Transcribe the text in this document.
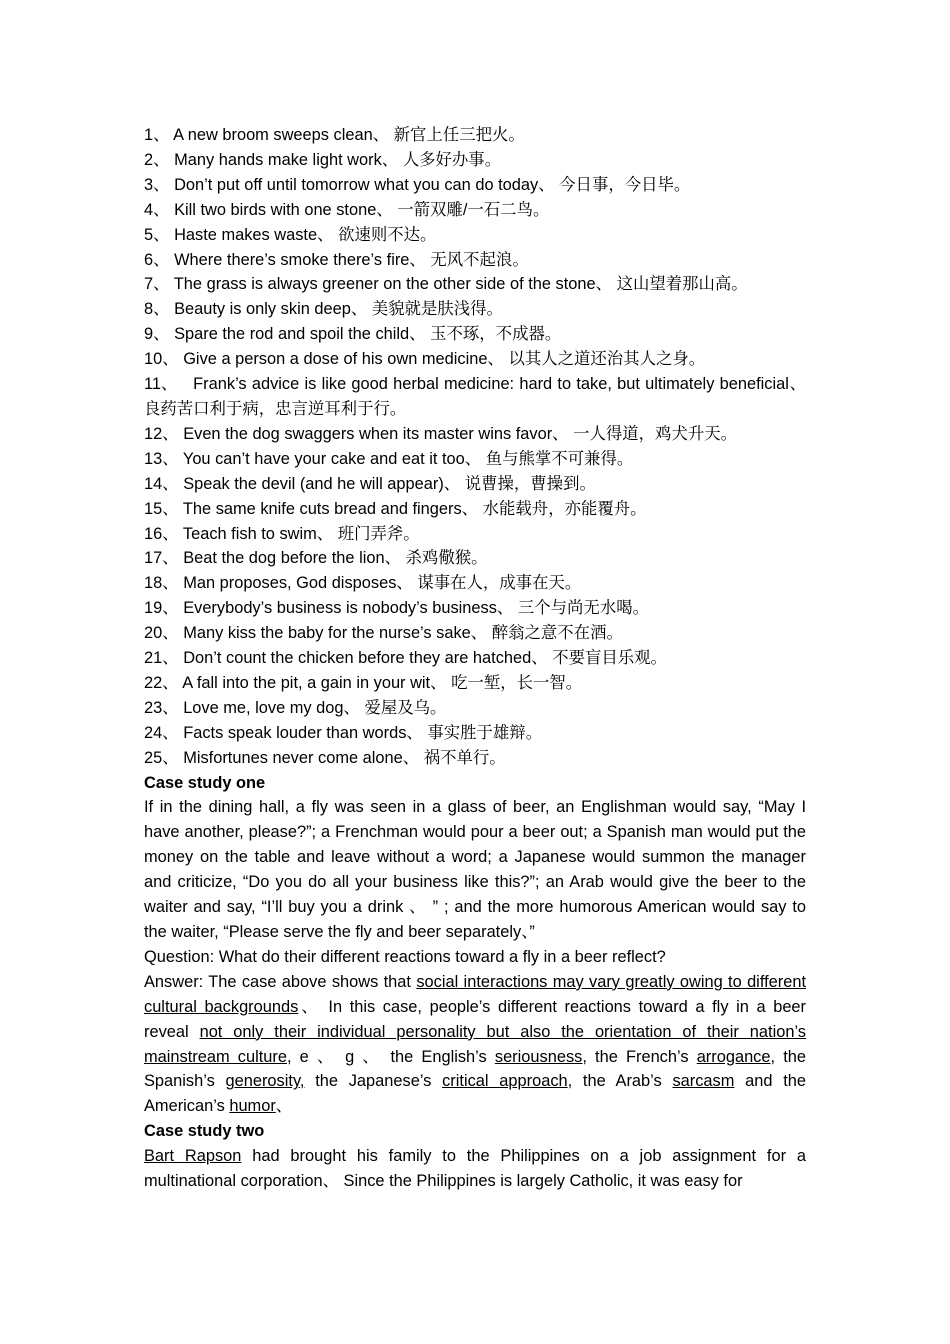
1、 A new broom sweeps clean、 新官上任三把火。
2、 Many hands make light work、 人多好办事。
3、 Don’t put off until tomorrow what you can do today、 今日事，今日毕。
4、 Kill two birds with one stone、 一箭双雕/一石二鸟。
5、 Haste makes waste、 欲速则不达。
6、 Where there’s smoke there’s fire、 无风不起浪。
7、 The grass is always greener on the other side of the stone、 这山望着那山高。
8、 Beauty is only skin deep、 美貌就是肤浅得。
9、 Spare the rod and spoil the child、 玉不琢，不成器。
10、 Give a person a dose of his own medicine、 以其人之道还治其人之身。
11、 Frank’s advice is like good herbal medicine: hard to take, but ultimately beneficial、 良药苦口利于病，忠言逆耳利于行。
12、 Even the dog swaggers when its master wins favor、 一人得道，鸡犬升天。
13、 You can’t have your cake and eat it too、 鱼与熊掌不可兼得。
14、 Speak the devil (and he will appear)、 说曹操，曹操到。
15、 The same knife cuts bread and fingers、 水能载舟，亦能覆舟。
16、 Teach fish to swim、 班门弄斧。
17、 Beat the dog before the lion、 杀鸡儆猴。
18、 Man proposes, God disposes、 谋事在人，成事在天。
19、 Everybody’s business is nobody’s business、 三个与尚无水喝。
20、 Many kiss the baby for the nurse’s sake、 醉翁之意不在酒。
21、 Don’t count the chicken before they are hatched、 不要盲目乐观。
22、 A fall into the pit, a gain in your wit、 吃一堑，长一智。
23、 Love me, love my dog、 爱屋及乌。
24、 Facts speak louder than words、 事实胜于雄辩。
25、 Misfortunes never come alone、 祸不单行。
Case study one
If in the dining hall, a fly was seen in a glass of beer, an Englishman would say, “May I have another, please?”; a Frenchman would pour a beer out; a Spanish man would put the money on the table and leave without a word; a Japanese would summon the manager and criticize, “Do you do all your business like this?”; an Arab would give the beer to the waiter and say, “I’ll buy you a drink 、 ” ; and the more humorous American would say to the waiter, “Please serve the fly and beer separately、”
Question: What do their different reactions toward a fly in a beer reflect?
Answer: The case above shows that social interactions may vary greatly owing to different cultural backgrounds、 In this case, people’s different reactions toward a fly in a beer reveal not only their individual personality but also the orientation of their nation’s mainstream culture, e 、 g 、 the English’s seriousness, the French’s arrogance, the Spanish’s generosity, the Japanese’s critical approach, the Arab’s sarcasm and the American’s humor、
Case study two
Bart Rapson had brought his family to the Philippines on a job assignment for a multinational corporation、 Since the Philippines is largely Catholic, it was easy for
